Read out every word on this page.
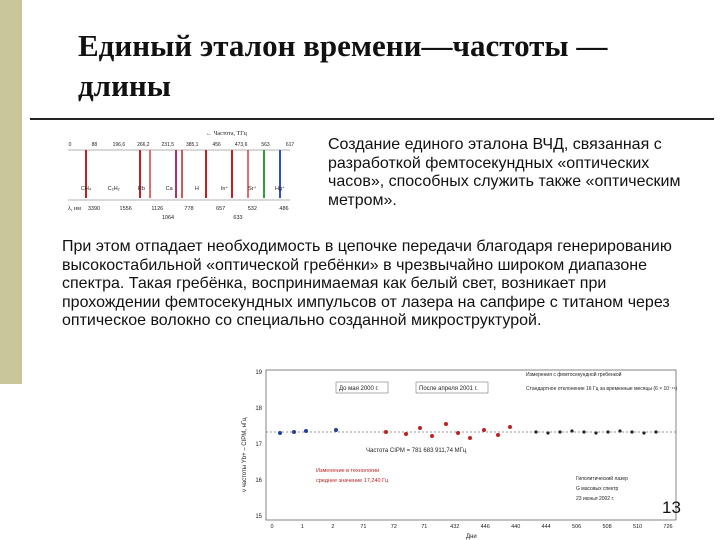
Единый эталон времени—частоты —длины
← Частота, ТГц
0	88	196,6 266,2 231,5 385,1	456	473,6	563	617
CH₄	C₂H₂	Rb	Ca	H	In⁺	Sr⁺	Hg⁺
λ, нм 3390	1556	1126	778	657	532	486
1064	633

Создание единого эталона ВЧД, связанная с разработкой фемтосекундных «оптических часов», способных служить также «оптическим метром».

При этом отпадает необходимость в цепочке передачи благодаря генерированию высокостабильной «оптической гребёнки» в чрезвычайно широком диапазоне спектра. Такая гребёнка, воспринимаемая как белый свет, возникает при прохождении фемтосекундных импульсов от лазера на сапфире с титаном через оптическое волокно со специально созданной микроструктурой.

ν частоты Yb+ – СIPM, нГц
Дни
19
18
17
16
15
0	1	2	71	72	71	432	446	440	444	506	508	510	726
До мая 2000 г.	После апреля 2001 г.
Измерения с фемтосекундной гребенкой
Стандартное отклонение 16 Гц за временные месяцы (6 × 10⁻¹⁴)
Частота СIPM = 781 683 911,74 МГц
Изменение в технологии
среднее значение 17,240 Гц	Гиполитический лазер
G масовых спектр
23 июнья 2002 г.	13
